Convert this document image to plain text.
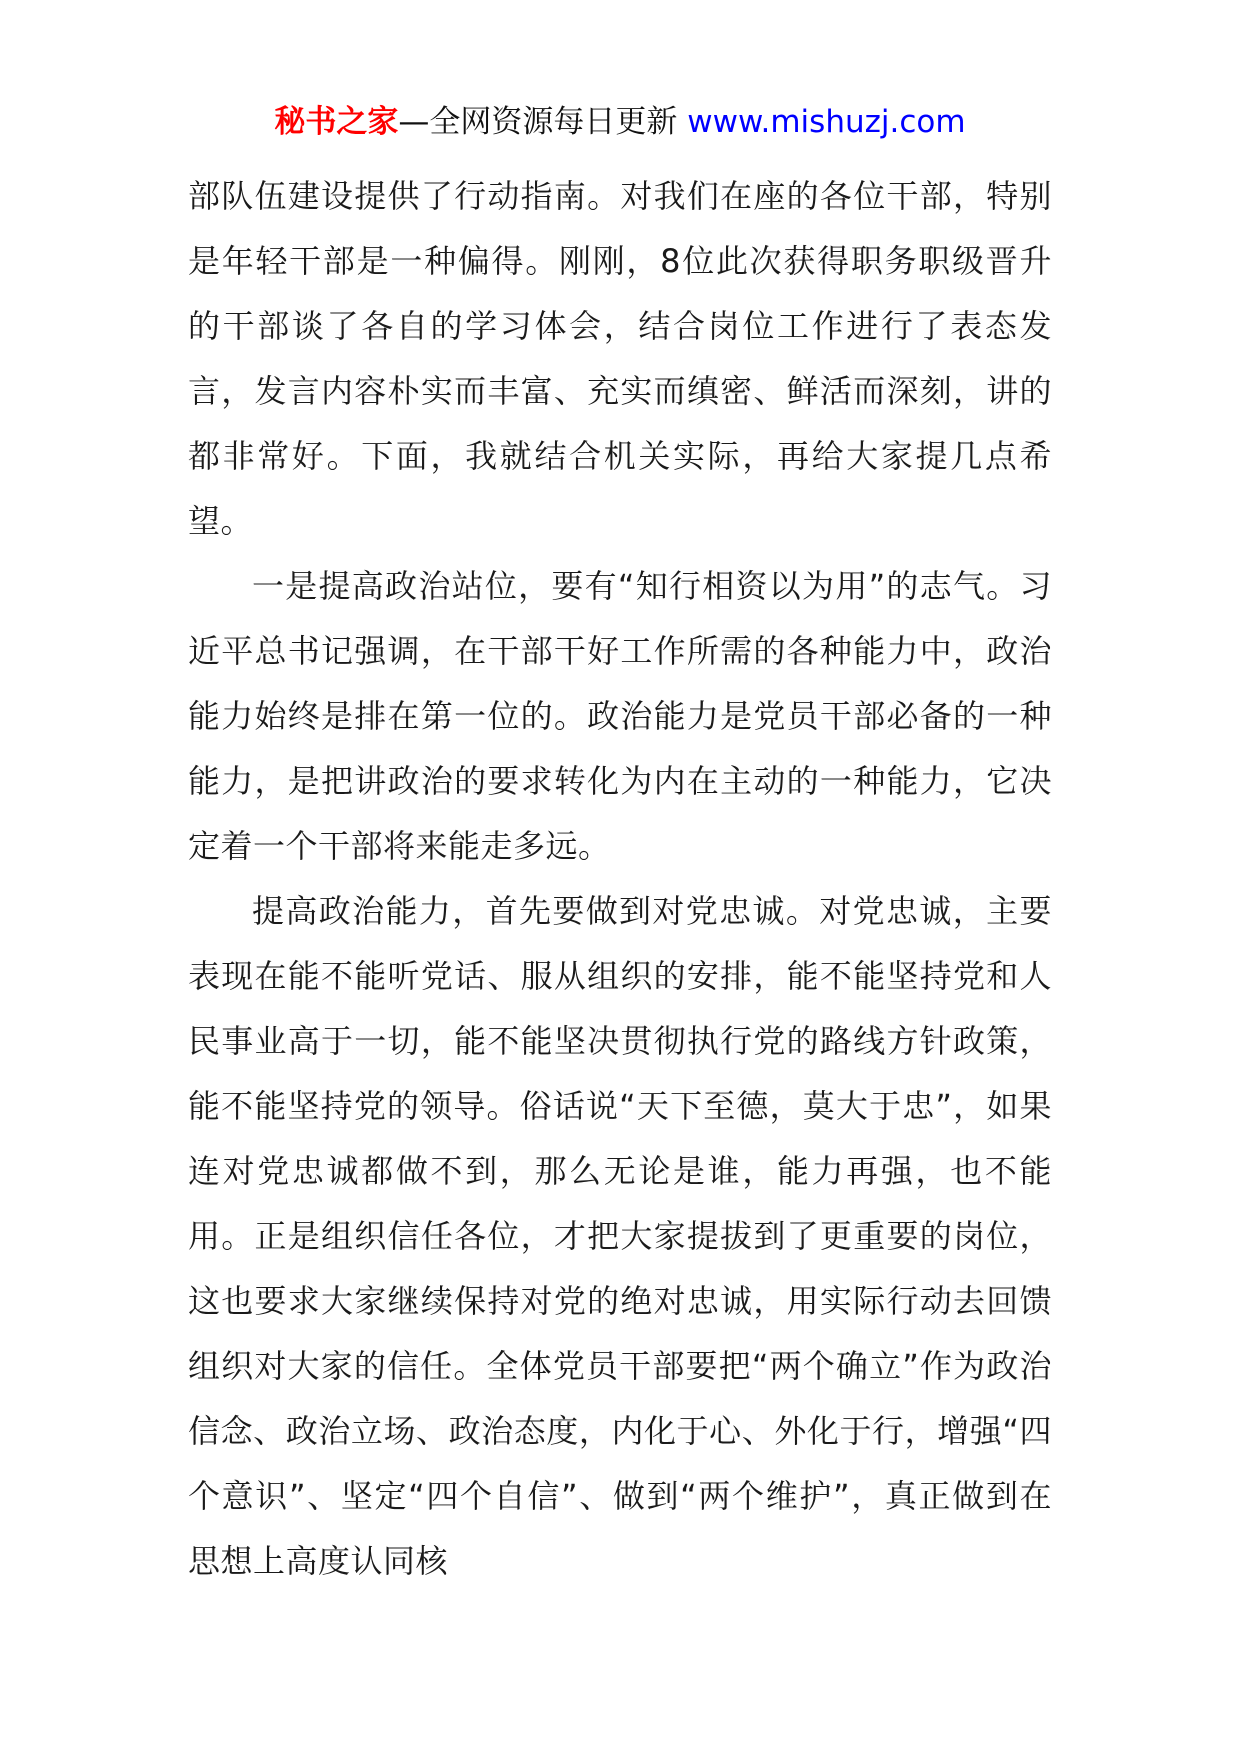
秘书之家—全网资源每日更新 www.mishuzj.com

部队伍建设提供了行动指南。对我们在座的各位干部，特别是年轻干部是一种偏得。刚刚，8位此次获得职务职级晋升的干部谈了各自的学习体会，结合岗位工作进行了表态发言，发言内容朴实而丰富、充实而缜密、鲜活而深刻，讲的都非常好。下面，我就结合机关实际，再给大家提几点希望。

一是提高政治站位，要有“知行相资以为用”的志气。习近平总书记强调，在干部干好工作所需的各种能力中，政治能力始终是排在第一位的。政治能力是党员干部必备的一种能力，是把讲政治的要求转化为内在主动的一种能力，它决定着一个干部将来能走多远。

提高政治能力，首先要做到对党忠诚。对党忠诚，主要表现在能不能听党话、服从组织的安排，能不能坚持党和人民事业高于一切，能不能坚决贯彻执行党的路线方针政策，能不能坚持党的领导。俗话说“天下至德，莫大于忠”，如果连对党忠诚都做不到，那么无论是谁，能力再强，也不能用。正是组织信任各位，才把大家提拔到了更重要的岗位，这也要求大家继续保持对党的绝对忠诚，用实际行动去回馈组织对大家的信任。全体党员干部要把“两个确立”作为政治信念、政治立场、政治态度，内化于心、外化于行，增强“四个意识”、坚定“四个自信”、做到“两个维护”，真正做到在思想上高度认同核
